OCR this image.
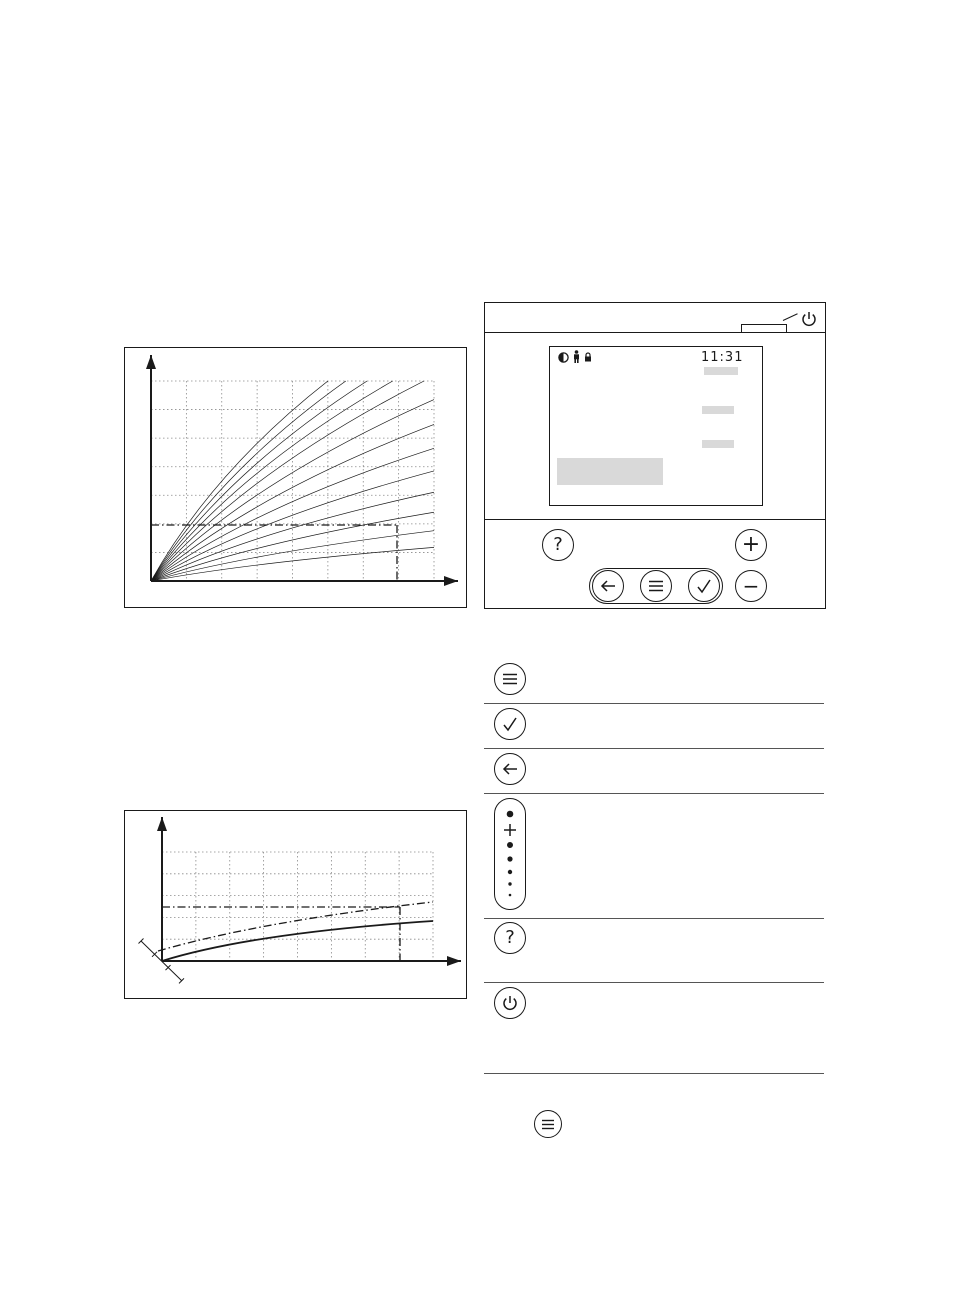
11:31
?	+
−
?
